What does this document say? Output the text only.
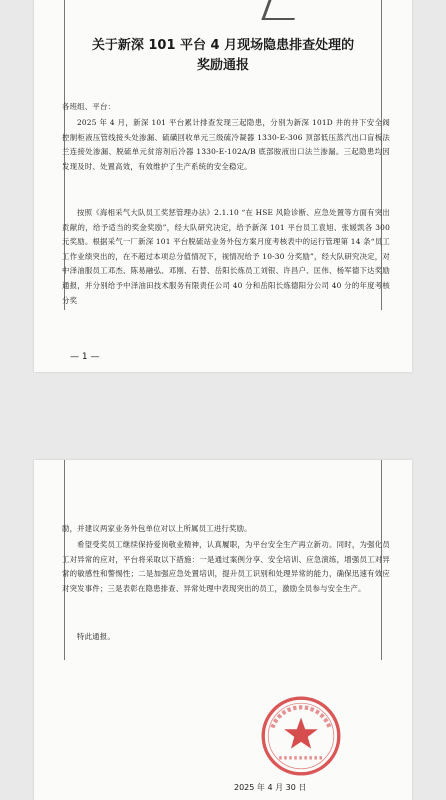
关于新深 101 平台 4 月现场隐患排查处理的
奖励通报
各班组、平台：
2025 年 4 月，新深 101 平台累计排查发现三起隐患，分别为新深 101D 井的井下安全阀控制柜液压管线接头处渗漏、硫磺回收单元三级硫冷凝器 1330-E-306 顶部低压蒸汽出口盲板法兰连接处渗漏、脱硫单元贫溶剂后冷器 1330-E-102A/B 底部胺液出口法兰渗漏。三起隐患均因发现及时、处置高效，有效维护了生产系统的安全稳定。
按照《海相采气大队员工奖惩管理办法》2.1.10 “在 HSE 风险诊断、应急处置等方面有突出贡献的，给予适当的奖金奖励”，经大队研究决定，给予新深 101 平台员工袁旭、张媛凯各 300 元奖励。根据采气一厂新深 101 平台脱硫站业务外包方案月度考核表中的运行管理第 14 条“员工工作业绩突出的，在不超过本项总分值情况下，视情况给予 10-30 分奖励”，经大队研究决定，对中泽油服员工邓杰、陈易融弘、邓刚、石替、岳阳长炼员工刘银、许昌户、匡伟、杨军德下达奖励通报，并分别给予中泽油田技术服务有限责任公司 40 分和岳阳长炼德阳分公司 40 分的年度考核分奖
— 1 —
励，并建议两家业务外包单位对以上所属员工进行奖励。
希望受奖员工继续保持爱岗敬业精神，认真履职，为平台安全生产再立新功。同时，为强化员工对异常的应对，平台将采取以下措施：一是通过案例分享、安全培训、应急演练，增强员工对异常的敏感性和警惕性；二是加强应急处置培训，提升员工识别和处理异常的能力，确保迅速有效应对突发事件；三是表彰在隐患排查、异常处理中表现突出的员工，激励全员参与安全生产。
特此通报。
2025 年 4 月 30 日
